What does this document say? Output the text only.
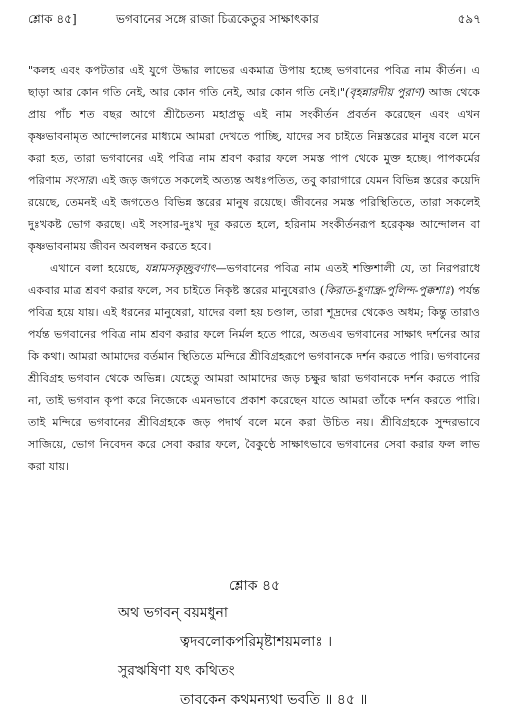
শ্লোক ৪৫]	ভগবানের সঙ্গে রাজা চিত্রকেতুর সাক্ষাৎকার	৫৯৭

"কলহ এবং কপটতার এই যুগে উদ্ধার লাভের একমাত্র উপায় হচ্ছে ভগবানের পবিত্র নাম কীর্তন। এ ছাড়া আর কোন গতি নেই, আর কোন গতি নেই, আর কোন গতি নেই।"(বৃহন্নারদীয় পুরাণ) আজ থেকে প্রায় পাঁচ শত বছর আগে শ্রীচৈতন্য মহাপ্রভু এই নাম সংকীর্তন প্রবর্তন করেছেন এবং এখন কৃষ্ণভাবনামৃত আন্দোলনের মাধ্যমে আমরা দেখতে পাচ্ছি, যাদের সব চাইতে নিম্নস্তরের মানুষ বলে মনে করা হত, তারা ভগবানের এই পবিত্র নাম শ্রবণ করার ফলে সমস্ত পাপ থেকে মুক্ত হচ্ছে। পাপকর্মের পরিণাম সংসার। এই জড় জগতে সকলেই অত্যন্ত অধঃপতিত, তবু কারাগারে যেমন বিভিন্ন স্তরের কয়েদি রয়েছে, তেমনই এই জগতেও বিভিন্ন স্তরের মানুষ রয়েছে। জীবনের সমস্ত পরিস্থিতিতে, তারা সকলেই দুঃখকষ্ট ভোগ করছে। এই সংসার-দুঃখ দূর করতে হলে, হরিনাম সংকীর্তনরূপ হরেকৃষ্ণ আন্দোলন বা কৃষ্ণভাবনাময় জীবন অবলম্বন করতে হবে।

এখানে বলা হয়েছে, যন্নামসকৃচ্ছ্রবণাৎ—ভগবানের পবিত্র নাম এতই শক্তিশালী যে, তা নিরপরাধে একবার মাত্র শ্রবণ করার ফলে, সব চাইতে নিকৃষ্ট স্তরের মানুষেরাও (কিরাত-হূণান্ধ্র-পুলিন্দ-পুক্কশাঃ) পর্যন্ত পবিত্র হয়ে যায়। এই ধরনের মানুষেরা, যাদের বলা হয় চণ্ডাল, তারা শূদ্রদের থেকেও অধম; কিন্তু তারাও পর্যন্ত ভগবানের পবিত্র নাম শ্রবণ করার ফলে নির্মল হতে পারে, অতএব ভগবানের সাক্ষাৎ দর্শনের আর কি কথা। আমরা আমাদের বর্তমান স্থিতিতে মন্দিরে শ্রীবিগ্রহরূপে ভগবানকে দর্শন করতে পারি। ভগবানের শ্রীবিগ্রহ ভগবান থেকে অভিন্ন। যেহেতু আমরা আমাদের জড় চক্ষুর দ্বারা ভগবানকে দর্শন করতে পারি না, তাই ভগবান কৃপা করে নিজেকে এমনভাবে প্রকাশ করেছেন যাতে আমরা তাঁকে দর্শন করতে পারি। তাই মন্দিরে ভগবানের শ্রীবিগ্রহকে জড় পদার্থ বলে মনে করা উচিত নয়। শ্রীবিগ্রহকে সুন্দরভাবে সাজিয়ে, ভোগ নিবেদন করে সেবা করার ফলে, বৈকুণ্ঠে সাক্ষাৎভাবে ভগবানের সেবা করার ফল লাভ করা যায়।

শ্লোক ৪৫
অথ ভগবন্ বয়মধুনা
ত্বদবলোকপরিমৃষ্টাশয়মলাঃ ।
সুরঋষিণা যৎ কথিতং
তাবকেন কথমন্যথা ভবতি ॥ ৪৫ ॥
